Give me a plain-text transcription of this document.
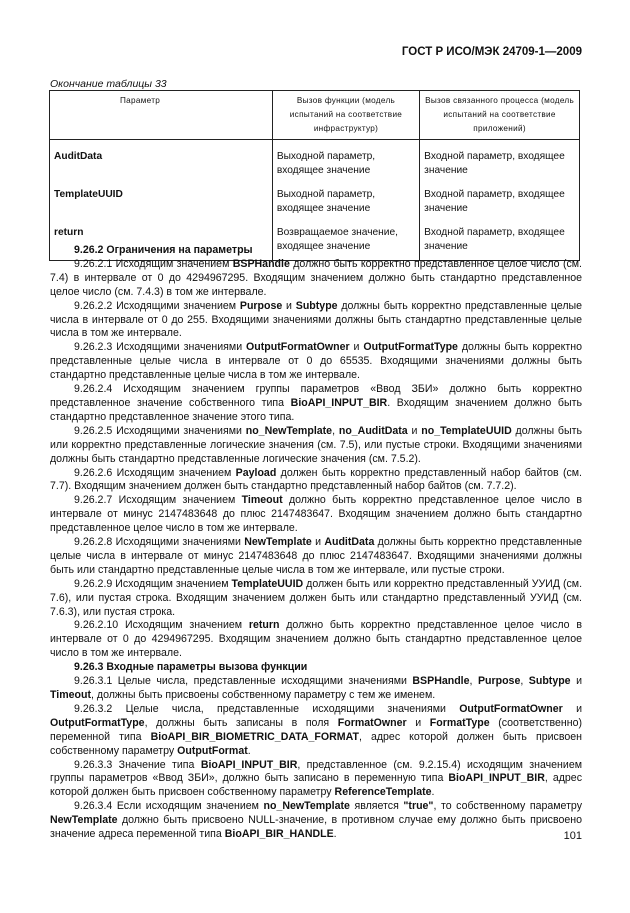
ГОСТ Р ИСО/МЭК 24709-1—2009
Окончание таблицы 33
Параметр	Вызов функции (модель испытаний на соответствие инфраструктур)	Вызов связанного процесса (модель испытаний на соответствие приложений)

AuditData	Выходной параметр, входящее значение	Входной параметр, входящее значение
TemplateUUID	Выходной параметр, входящее значение	Входной параметр, входящее значение
return	Возвращаемое значение, входящее значение	Входной параметр, входящее значение

9.26.2 Ограничения на параметры

9.26.2.1 Исходящим значением BSPHandle должно быть корректно представленное целое число (см. 7.4) в интервале от 0 до 4294967295. Входящим значением должно быть стандартно представленное целое число (см. 7.4.3) в том же интервале.

9.26.2.2 Исходящими значением Purpose и Subtype должны быть корректно представленные целые числа в интервале от 0 до 255. Входящими значениями должны быть стандартно представленные целые числа в том же интервале.

9.26.2.3 Исходящими значениями OutputFormatOwner и OutputFormatType должны быть корректно представленные целые числа в интервале от 0 до 65535. Входящими значениями должны быть стандартно представленные целые числа в том же интервале.

9.26.2.4 Исходящим значением группы параметров «Ввод ЗБИ» должно быть корректно представленное значение собственного типа BioAPI_INPUT_BIR. Входящим значением должно быть стандартно представленное значение этого типа.

9.26.2.5 Исходящими значениями no_NewTemplate, no_AuditData и no_TemplateUUID должны быть или корректно представленные логические значения (см. 7.5), или пустые строки. Входящими значениями должны быть стандартно представленные логические значения (см. 7.5.2).

9.26.2.6 Исходящим значением Payload должен быть корректно представленный набор байтов (см. 7.7). Входящим значением должен быть стандартно представленный набор байтов (см. 7.7.2).

9.26.2.7 Исходящим значением Timeout должно быть корректно представленное целое число в интервале от минус 2147483648 до плюс 2147483647. Входящим значением должно быть стандартно представленное целое число в том же интервале.

9.26.2.8 Исходящими значениями NewTemplate и AuditData должны быть корректно представленные целые числа в интервале от минус 2147483648 до плюс 2147483647. Входящими значениями должны быть или стандартно представленные целые числа в том же интервале, или пустые строки.

9.26.2.9 Исходящим значением TemplateUUID должен быть или корректно представленный УУИД (см. 7.6), или пустая строка. Входящим значением должен быть или стандартно представленный УУИД (см. 7.6.3), или пустая строка.

9.26.2.10 Исходящим значением return должно быть корректно представленное целое число в интервале от 0 до 4294967295. Входящим значением должно быть стандартно представленное целое число в том же интервале.

9.26.3 Входные параметры вызова функции

9.26.3.1 Целые числа, представленные исходящими значениями BSPHandle, Purpose, Subtype и Timeout, должны быть присвоены собственному параметру с тем же именем.

9.26.3.2 Целые числа, представленные исходящими значениями OutputFormatOwner и OutputFormatType, должны быть записаны в поля FormatOwner и FormatType (соответственно) переменной типа BioAPI_BIR_BIOMETRIC_DATA_FORMAT, адрес которой должен быть присвоен собственному параметру OutputFormat.

9.26.3.3 Значение типа BioAPI_INPUT_BIR, представленное (см. 9.2.15.4) исходящим значением группы параметров «Ввод ЗБИ», должно быть записано в переменную типа BioAPI_INPUT_BIR, адрес которой должен быть присвоен собственному параметру ReferenceTemplate.

9.26.3.4 Если исходящим значением no_NewTemplate является "true", то собственному параметру NewTemplate должно быть присвоено NULL-значение, в противном случае ему должно быть присвоено значение адреса переменной типа BioAPI_BIR_HANDLE.	101
